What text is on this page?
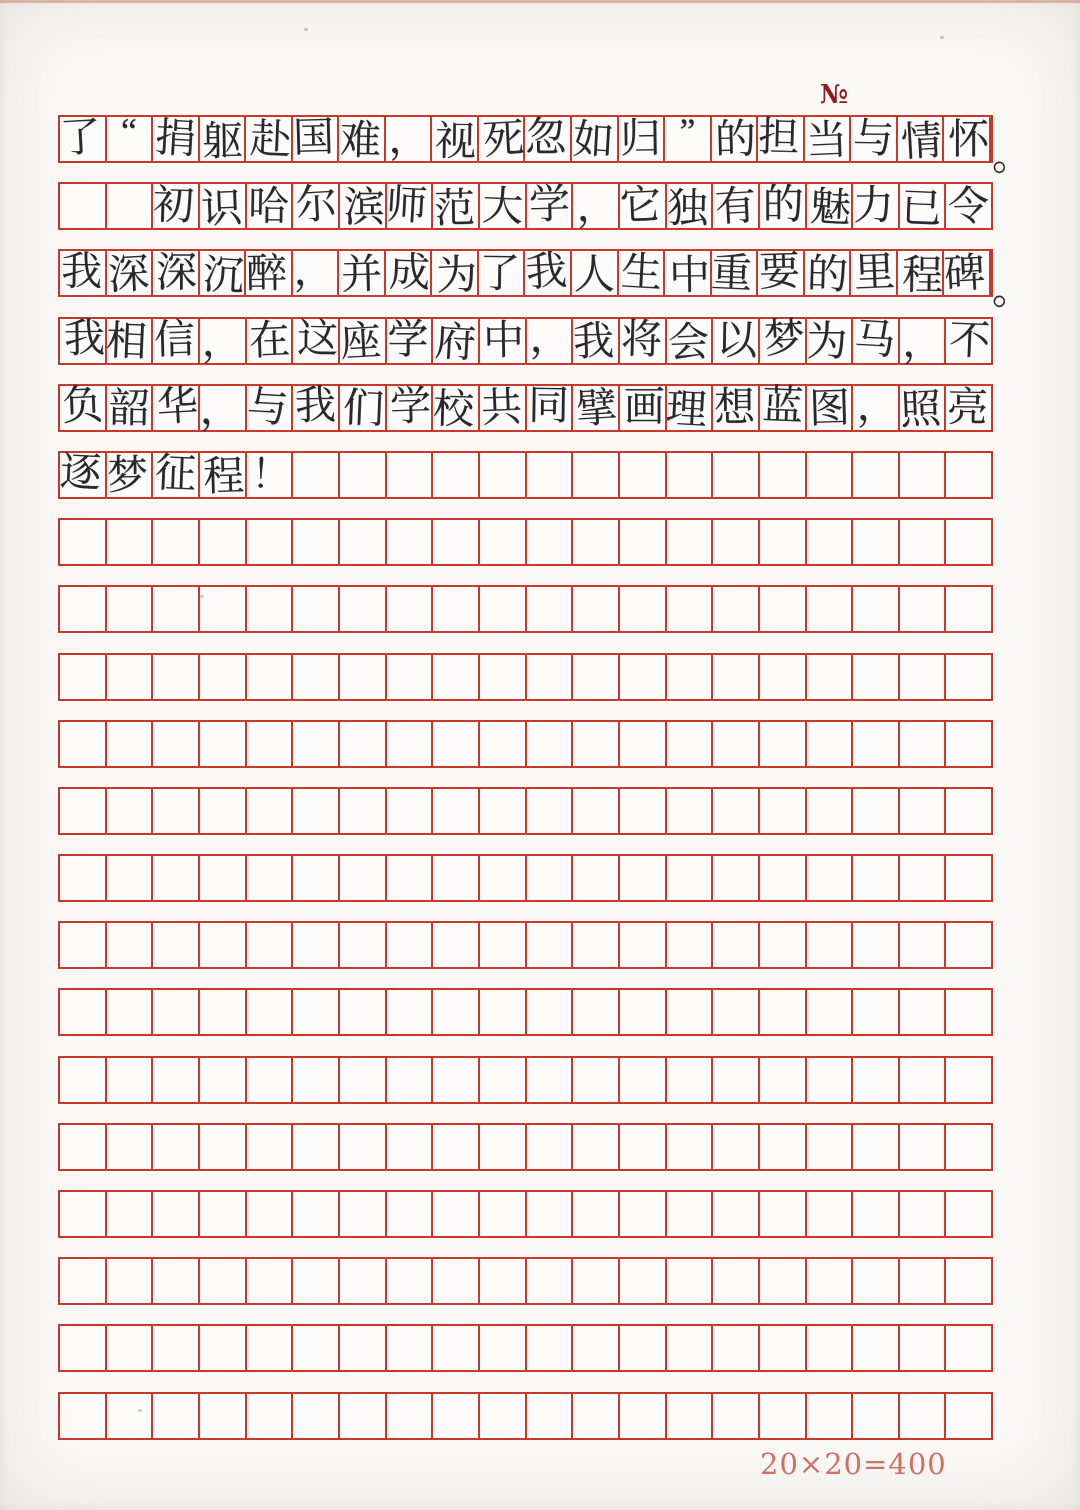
№
了 “ 捐 躯 赴 国 难 ， 视 死 忽 如 归 ” 的 担 当 与 情 怀 。
初 识 哈 尔 滨 师 范 大 学 ， 它 独 有 的 魅 力 已 令
我 深 深 沉 醉 ， 并 成 为 了 我 人 生 中 重 要 的 里 程 碑 。
我 相 信 ， 在 这 座 学 府 中 ， 我 将 会 以 梦 为 马 ， 不
负 韶 华 ， 与 我 们 学 校 共 同 擘 画 理 想 蓝 图 ， 照 亮
逐 梦 征 程 ！
20×20=400
